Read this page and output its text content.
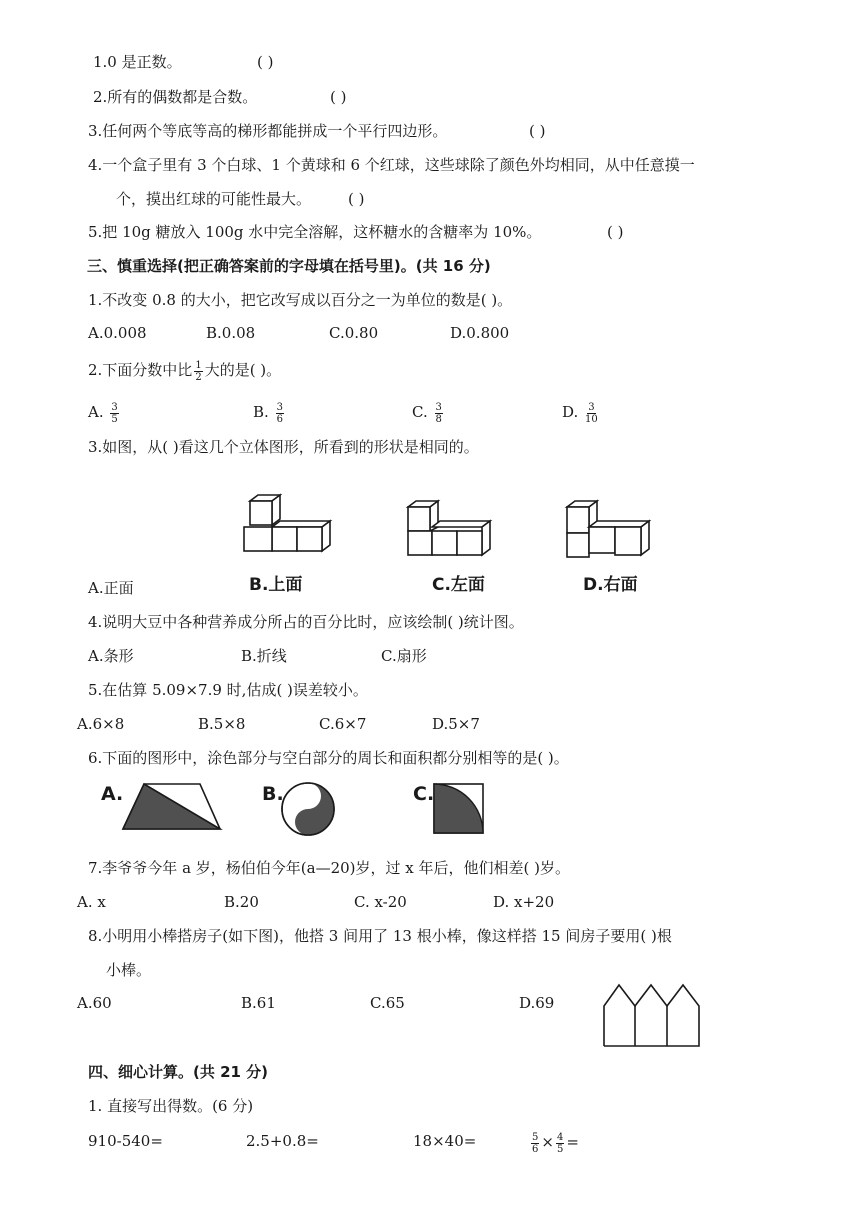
1.0 是正数。	( )
2.所有的偶数都是合数。	( )
3.任何两个等底等高的梯形都能拼成一个平行四边形。	( )
4.一个盒子里有 3 个白球、1 个黄球和 6 个红球，这些球除了颜色外均相同，从中任意摸一
个，摸出红球的可能性最大。 ( )
5.把 10g 糖放入 100g 水中完全溶解，这杯糖水的含糖率为 10%。	( )
三、慎重选择(把正确答案前的字母填在括号里)。(共 16 分)
1.不改变 0.8 的大小，把它改写成以百分之一为单位的数是( )。
A.0.008	B.0.08	C.0.80	D.0.800
2.下面分数中比 $\frac{1}{2}$ 大的是( )。
A. $\frac{3}{5}$	B. $\frac{3}{6}$	C. $\frac{3}{8}$	D. $\frac{3}{10}$
3.如图，从( )看这几个立体图形，所看到的形状是相同的。
A.正面	B.上面	C.左面	D.右面
4.说明大豆中各种营养成分所占的百分比时，应该绘制( )统计图。
A.条形	B.折线	C.扇形
5.在估算 5.09×7.9 时,估成( )误差较小。
A.6×8	B.5×8	C.6×7	D.5×7
6.下面的图形中，涂色部分与空白部分的周长和面积都分别相等的是( )。
A.	B.	C.
7.李爷爷今年 a 岁，杨伯伯今年(a—20)岁，过 x 年后，他们相差( )岁。
A. x	B.20	C. x-20	D. x+20
8.小明用小棒搭房子(如下图)，他搭 3 间用了 13 根小棒，像这样搭 15 间房子要用( )根
小棒。
A.60	B.61	C.65	D.69
四、细心计算。(共 21 分)
1. 直接写出得数。(6 分)
910-540=	2.5+0.8=	18×40=	$\frac{5}{6} \times \frac{4}{5}$ =
